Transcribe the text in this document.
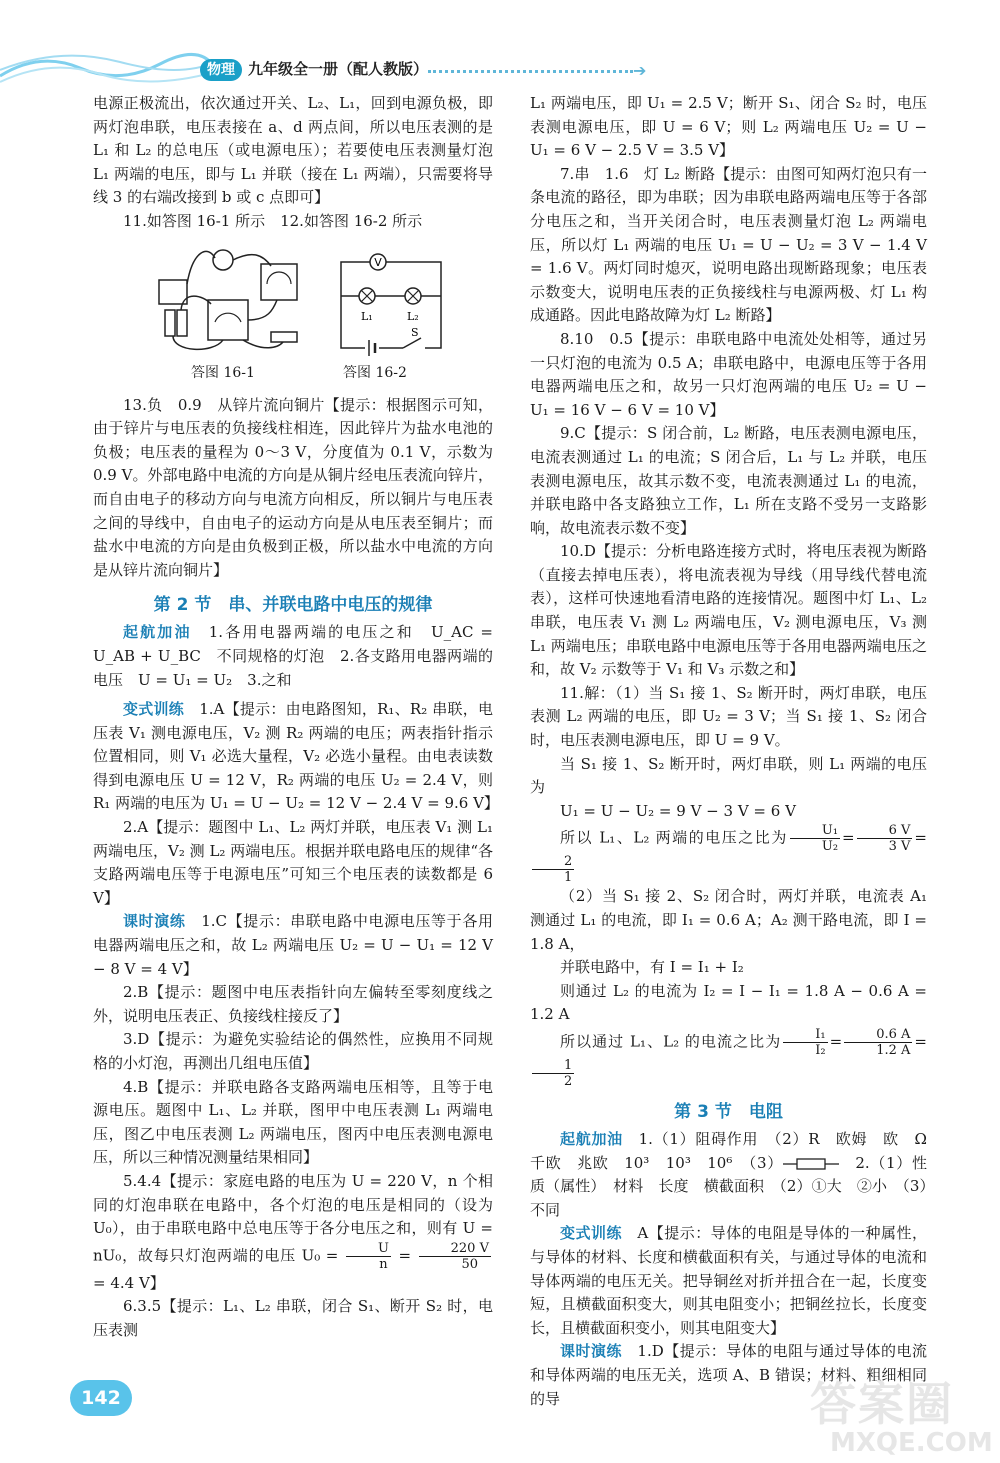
物理 九年级全一册（配人教版）	➔

电源正极流出，依次通过开关、L₂、L₁，回到电源负极，即两灯泡串联，电压表接在 a、d 两点间，所以电压表测的是 L₁ 和 L₂ 的总电压（或电源电压）；若要使电压表测量灯泡 L₁ 两端的电压，即与 L₁ 并联（接在 L₁ 两端），只需要将导线 3 的右端改接到 b 或 c 点即可】

11.如答图 16-1 所示　12.如答图 16-2 所示

V
L₁	L₂
S
答图 16-1	答图 16-2

13.负　0.9　从锌片流向铜片【提示：根据图示可知，由于锌片与电压表的负接线柱相连，因此锌片为盐水电池的负极；电压表的量程为 0～3 V，分度值为 0.1 V，示数为 0.9 V。外部电路中电流的方向是从铜片经电压表流向锌片，而自由电子的移动方向与电流方向相反，所以铜片与电压表之间的导线中，自由电子的运动方向是从电压表至铜片；而盐水中电流的方向是由负极到正极，所以盐水中电流的方向是从锌片流向铜片】

第 2 节　串、并联电路中电压的规律

起航加油　 1.各用电器两端的电压之和　U_AC = U_AB + U_BC　不同规格的灯泡　2.各支路用电器两端的电压　U = U₁ = U₂　3.之和

变式训练　 1.A【提示：由电路图知，R₁、R₂ 串联，电压表 V₁ 测电源电压，V₂ 测 R₂ 两端的电压；两表指针指示位置相同，则 V₁ 必选大量程，V₂ 必选小量程。由电表读数得到电源电压 U = 12 V，R₂ 两端的电压 U₂ = 2.4 V，则 R₁ 两端的电压为 U₁ = U − U₂ = 12 V − 2.4 V = 9.6 V】

2.A【提示：题图中 L₁、L₂ 两灯并联，电压表 V₁ 测 L₁ 两端电压，V₂ 测 L₂ 两端电压。根据并联电路电压的规律“各支路两端电压等于电源电压”可知三个电压表的读数都是 6 V】

课时演练　 1.C【提示：串联电路中电源电压等于各用电器两端电压之和，故 L₂ 两端电压 U₂ = U − U₁ = 12 V − 8 V = 4 V】

2.B【提示：题图中电压表指针向左偏转至零刻度线之外，说明电压表正、负接线柱接反了】

3.D【提示：为避免实验结论的偶然性，应换用不同规格的小灯泡，再测出几组电压值】

4.B【提示：并联电路各支路两端电压相等，且等于电源电压。题图中 L₁、L₂ 并联，图甲中电压表测 L₁ 两端电压，图乙中电压表测 L₂ 两端电压，图丙中电压表测电源电压，所以三种情况测量结果相同】

5.4.4【提示：家庭电路的电压为 U = 220 V，n 个相同的灯泡串联在电路中，各个灯泡的电压是相同的（设为 U₀），由于串联电路中总电压等于各分电压之和，则有 U = nU₀，故每只灯泡两端的电压 $U_0 = \frac{U}{n} = \frac{220 V}{50}$
= 4.4 V】

6.3.5【提示：L₁、L₂ 串联，闭合 S₁、断开 S₂ 时，电压表测

L₁ 两端电压，即 U₁ = 2.5 V；断开 S₁、闭合 S₂ 时，电压表测电源电压，即 U = 6 V；则 L₂ 两端电压 U₂ = U − U₁ = 6 V − 2.5 V = 3.5 V】

7.串　1.6　灯 L₂ 断路【提示：由图可知两灯泡只有一条电流的路径，即为串联；因为串联电路两端电压等于各部分电压之和，当开关闭合时，电压表测量灯泡 L₂ 两端电压，所以灯 L₁ 两端的电压 U₁ = U − U₂ = 3 V − 1.4 V = 1.6 V。两灯同时熄灭，说明电路出现断路现象；电压表示数变大，说明电压表的正负接线柱与电源两极、灯 L₁ 构成通路。因此电路故障为灯 L₂ 断路】

8.10　0.5【提示：串联电路中电流处处相等，通过另一只灯泡的电流为 0.5 A；串联电路中，电源电压等于各用电器两端电压之和，故另一只灯泡两端的电压 U₂ = U − U₁ = 16 V − 6 V = 10 V】

9.C【提示：S 闭合前，L₂ 断路，电压表测电源电压，电流表测通过 L₁ 的电流；S 闭合后，L₁ 与 L₂ 并联，电压表测电源电压，故其示数不变，电流表测通过 L₁ 的电流，并联电路中各支路独立工作，L₁ 所在支路不受另一支路影响，故电流表示数不变】

10.D【提示：分析电路连接方式时，将电压表视为断路（直接去掉电压表），将电流表视为导线（用导线代替电流表），这样可快速地看清电路的连接情况。题图中灯 L₁、L₂ 串联，电压表 V₁ 测 L₂ 两端电压，V₂ 测电源电压，V₃ 测 L₁ 两端电压；串联电路中电源电压等于各用电器两端电压之和，故 V₂ 示数等于 V₁ 和 V₃ 示数之和】

11.解：（1）当 S₁ 接 1、S₂ 断开时，两灯串联，电压表测 L₂ 两端的电压，即 U₂ = 3 V；当 S₁ 接 1、S₂ 闭合时，电压表测电源电压，即 U = 9 V。

当 S₁ 接 1、S₂ 断开时，两灯串联，则 L₁ 两端的电压为

U₁ = U − U₂ = 9 V − 3 V = 6 V

所以 L₁、L₂ 两端的电压之比为 $\frac{\text{U₁}}{\text{U₂}} = \frac{6 V}{3 V}$ =
$\frac{2}{1}$

（2）当 S₁ 接 2、S₂ 闭合时，两灯并联，电流表 A₁ 测通过 L₁ 的电流，即 I₁ = 0.6 A；A₂ 测干路电流，即 I = 1.8 A，

并联电路中，有 I = I₁ + I₂

则通过 L₂ 的电流为 I₂ = I − I₁ = 1.8 A − 0.6 A = 1.2 A

所以通过 L₁、L₂ 的电流之比为 $\frac{\text{I₁}}{\text{I₂}} = \frac{0.6 A}{1.2 A}$ =
$\frac{1}{2}$

第 3 节　电阻

起航加油　 1.（1）阻碍作用　（2）R　欧姆　欧　Ω　千欧　兆欧　10³　10³　10⁶　（3）	　2.（1）性质（属性）　材料　长度　横截面积　（2）①大　②小　（3）不同

变式训练　 A【提示：导体的电阻是导体的一种属性，与导体的材料、长度和横截面积有关，与通过导体的电流和导体两端的电压无关。把导铜丝对折并扭合在一起，长度变短，且横截面积变大，则其电阻变小；把铜丝拉长，长度变长，且横截面积变小，则其电阻变大】

课时演练　 1.D【提示：导体的电阻与通过导体的电流和导体两端的电压无关，选项 A、B 错误；材料、粗细相同的导

142	答案圈
MXQE.COM
